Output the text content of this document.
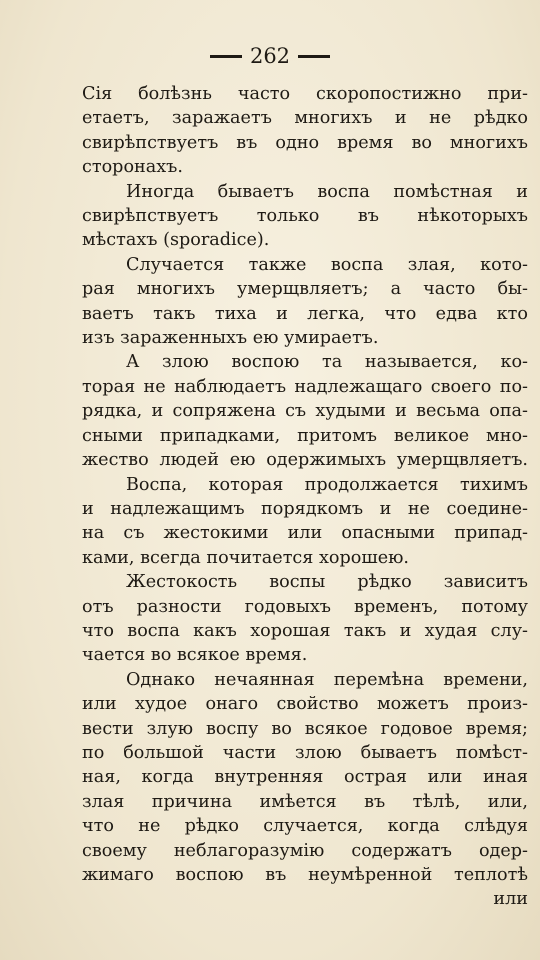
262
Сія болѣзнь часто скоропостижно при-
етаетъ, заражаетъ многихъ и не рѣдко
свирѣпствуетъ въ одно время во многихъ
сторонахъ.
Иногда бываетъ воспа помѣстная и
свирѣпствуетъ только въ нѣкоторыхъ
мѣстахъ (sporadice).
Случается также воспа злая, кото-
рая многихъ умерщвляетъ; а часто бы-
ваетъ такъ тиха и легка, что едва кто
изъ зараженныхъ ею умираетъ.
А злою воспою та называется, ко-
торая не наблюдаетъ надлежащаго своего по-
рядка, и сопряжена съ худыми и весьма опа-
сными припадками, притомъ великое мно-
жество людей ею одержимыхъ умерщвляетъ.
Воспа, которая продолжается тихимъ
и надлежащимъ порядкомъ и не соедине-
на съ жестокими или опасными припад-
ками, всегда почитается хорошею.
Жестокость воспы рѣдко зависитъ
отъ разности годовыхъ временъ, потому
что воспа какъ хорошая такъ и худая слу-
чается во всякое время.
Однако нечаянная перемѣна времени,
или худое онаго свойство можетъ произ-
вести злую воспу во всякое годовое время;
по большой части злою бываетъ помѣст-
ная, когда внутренняя острая или иная
злая причина имѣется въ тѣлѣ, или,
что не рѣдко случается, когда слѣдуя
своему неблагоразумію содержатъ одер-
жимаго воспою въ неумѣренной теплотѣ
или
